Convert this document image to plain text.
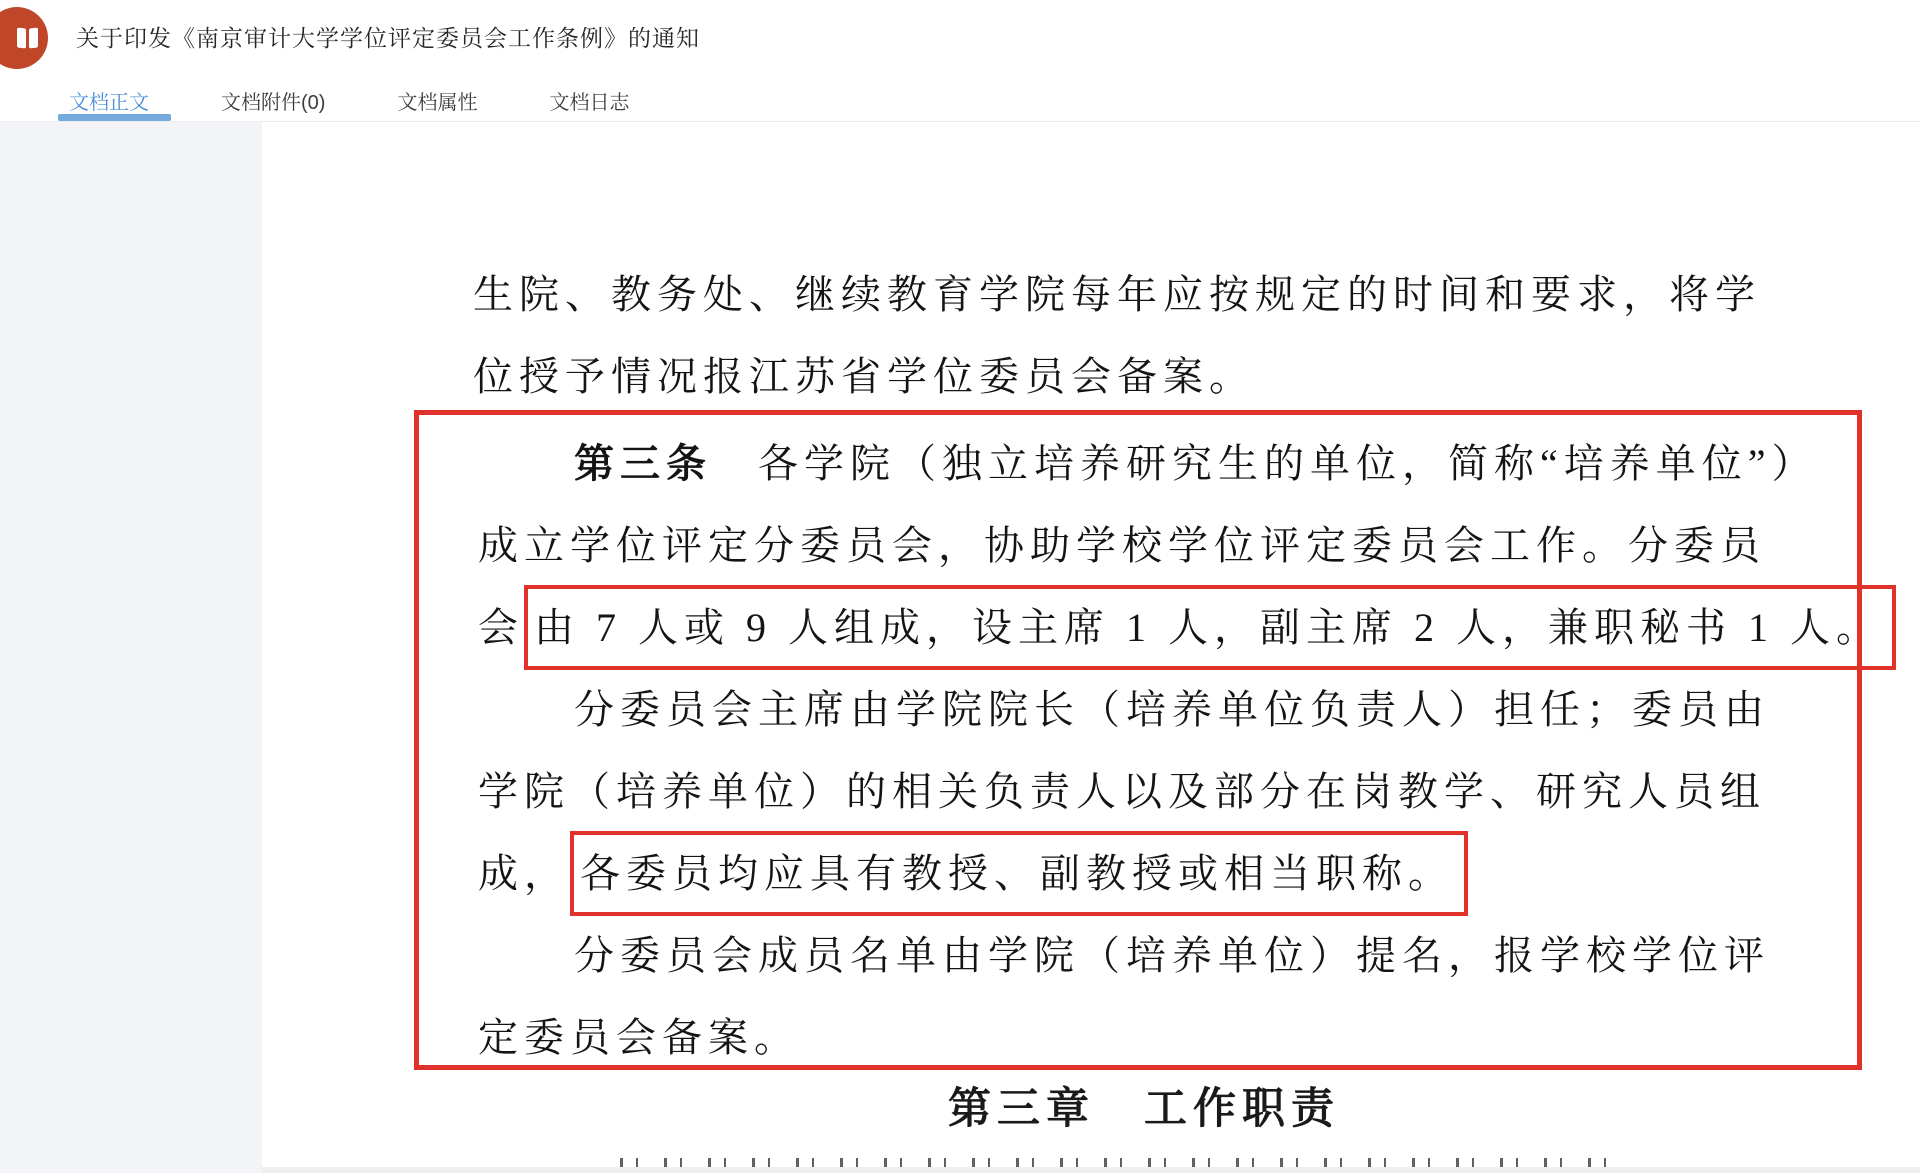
关于印发《南京审计大学学位评定委员会工作条例》的通知
文档正文	文档附件(0)	文档属性	文档日志
生院、教务处、继续教育学院每年应按规定的时间和要求，将学
位授予情况报江苏省学位委员会备案。
第三条　各学院（独立培养研究生的单位，简称“培养单位”）
成立学位评定分委员会，协助学校学位评定委员会工作。分委员
会 由 7 人或 9 人组成，设主席 1 人，副主席 2 人，兼职秘书 1 人。
分委员会主席由学院院长（培养单位负责人）担任；委员由
学院（培养单位）的相关负责人以及部分在岗教学、研究人员组
成， 各委员均应具有教授、副教授或相当职称。
分委员会成员名单由学院（培养单位）提名，报学校学位评
定委员会备案。
第三章　工作职责
